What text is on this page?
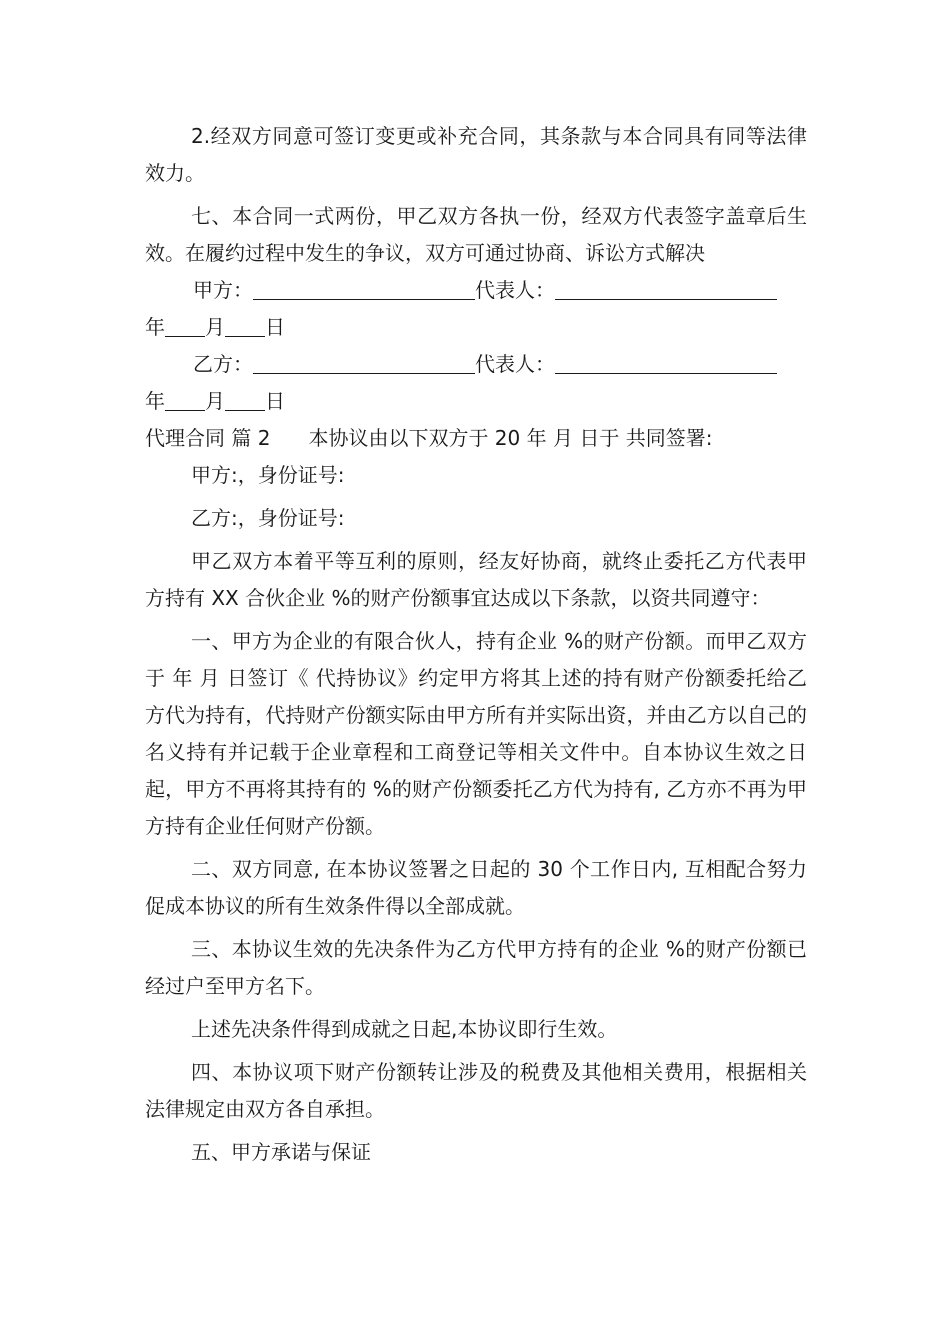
2.经双方同意可签订变更或补充合同，其条款与本合同具有同等法律效力。

七、本合同一式两份，甲乙双方各执一份，经双方代表签字盖章后生效。在履约过程中发生的争议，双方可通过协商、诉讼方式解决

甲方：	代表人：

年 月 日

乙方：	代表人：

年 月 日

代理合同 篇 2 本协议由以下双方于 20 年 月 日于 共同签署:

甲方:，身份证号:

乙方:，身份证号:

甲乙双方本着平等互利的原则，经友好协商，就终止委托乙方代表甲方持有 XX 合伙企业 %的财产份额事宜达成以下条款，以资共同遵守：

一、甲方为企业的有限合伙人，持有企业 %的财产份额。而甲乙双方于 年 月 日签订《 代持协议》约定甲方将其上述的持有财产份额委托给乙方代为持有，代持财产份额实际由甲方所有并实际出资，并由乙方以自己的名义持有并记载于企业章程和工商登记等相关文件中。自本协议生效之日起，甲方不再将其持有的 %的财产份额委托乙方代为持有, 乙方亦不再为甲方持有企业任何财产份额。

二、双方同意, 在本协议签署之日起的 30 个工作日内, 互相配合努力促成本协议的所有生效条件得以全部成就。

三、本协议生效的先决条件为乙方代甲方持有的企业 %的财产份额已经过户至甲方名下。

上述先决条件得到成就之日起,本协议即行生效。

四、本协议项下财产份额转让涉及的税费及其他相关费用，根据相关法律规定由双方各自承担。

五、甲方承诺与保证
